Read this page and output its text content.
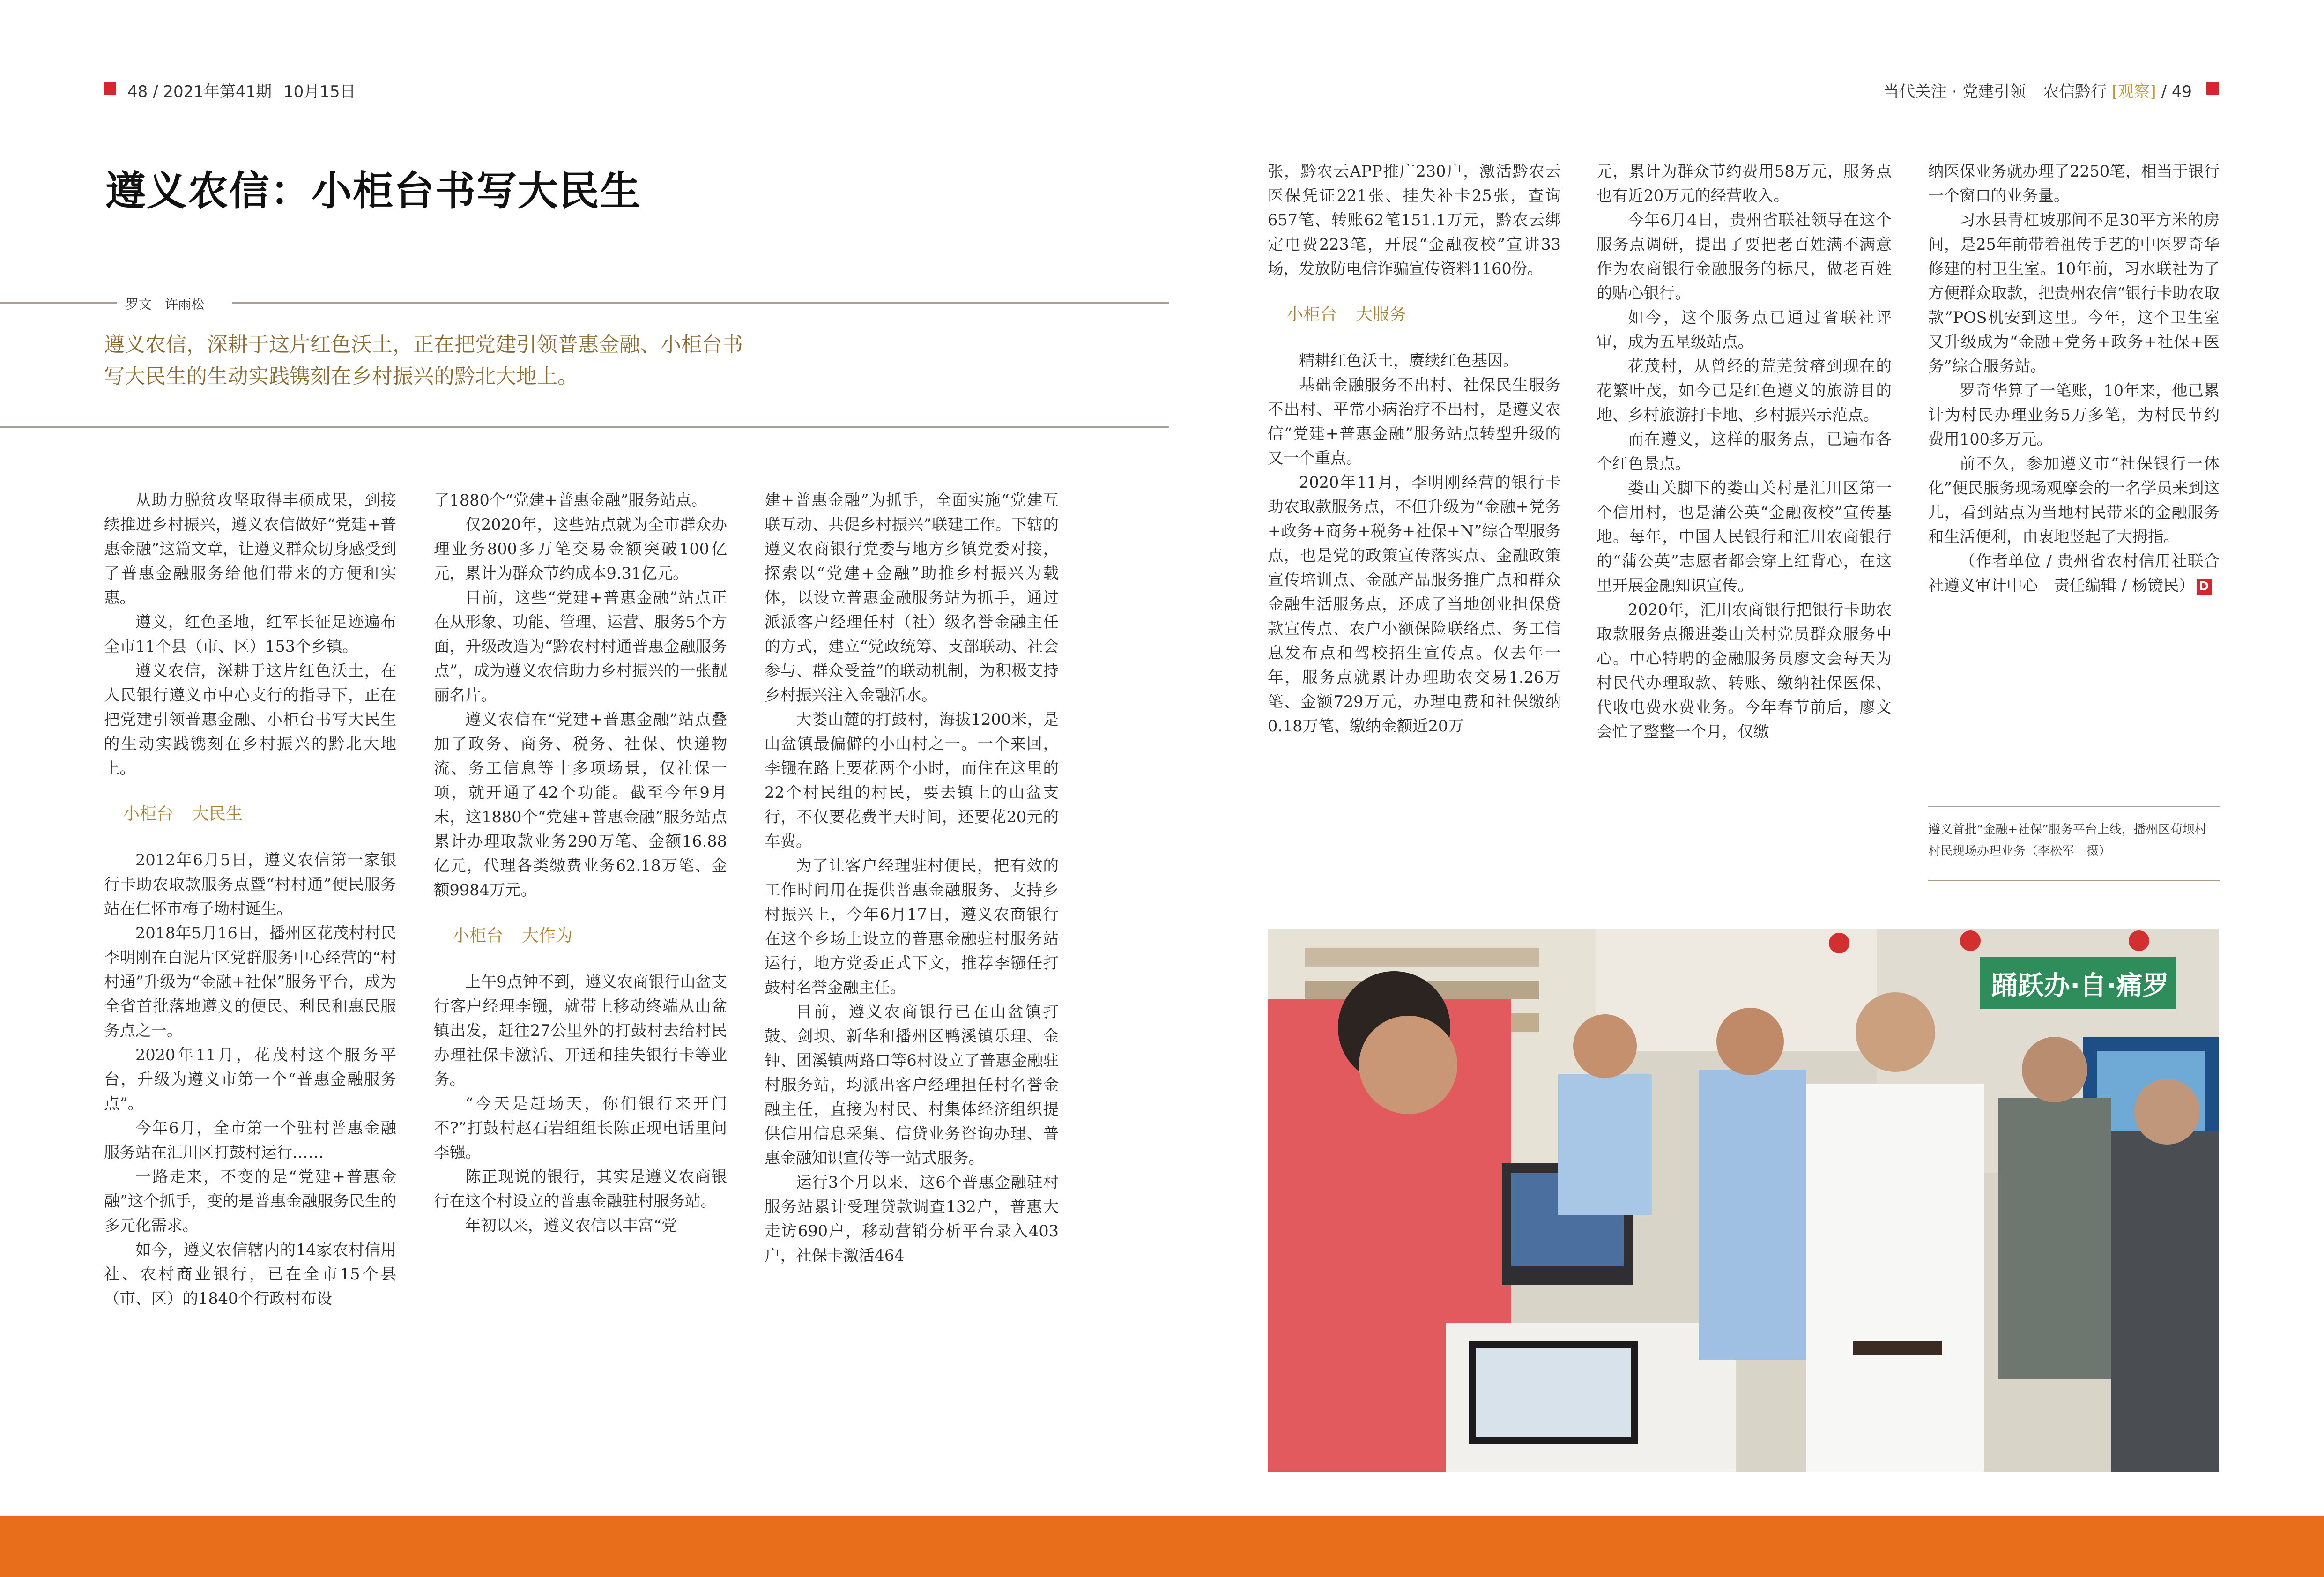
48 / 2021年第41期 10月15日	当代关注 · 党建引领 农信黔行 [观察] / 49
遵义农信：小柜台书写大民生
罗文　许雨松
遵义农信，深耕于这片红色沃土，正在把党建引领普惠金融、小柜台书写大民生的生动实践镌刻在乡村振兴的黔北大地上。

从助力脱贫攻坚取得丰硕成果，到接续推进乡村振兴，遵义农信做好“党建+普惠金融”这篇文章，让遵义群众切身感受到了普惠金融服务给他们带来的方便和实惠。

遵义，红色圣地，红军长征足迹遍布全市11个县（市、区）153个乡镇。

遵义农信，深耕于这片红色沃土，在人民银行遵义市中心支行的指导下，正在把党建引领普惠金融、小柜台书写大民生的生动实践镌刻在乡村振兴的黔北大地上。

小柜台 大民生

2012年6月5日，遵义农信第一家银行卡助农取款服务点暨“村村通”便民服务站在仁怀市梅子坳村诞生。

2018年5月16日，播州区花茂村村民李明刚在白泥片区党群服务中心经营的“村村通”升级为“金融+社保”服务平台，成为全省首批落地遵义的便民、利民和惠民服务点之一。

2020年11月，花茂村这个服务平台，升级为遵义市第一个“普惠金融服务点”。

今年6月，全市第一个驻村普惠金融服务站在汇川区打鼓村运行……

一路走来，不变的是“党建+普惠金融”这个抓手，变的是普惠金融服务民生的多元化需求。

如今，遵义农信辖内的14家农村信用社、农村商业银行，已在全市15个县（市、区）的1840个行政村布设

了1880个“党建+普惠金融”服务站点。

仅2020年，这些站点就为全市群众办理业务800多万笔交易金额突破100亿元，累计为群众节约成本9.31亿元。

目前，这些“党建+普惠金融”站点正在从形象、功能、管理、运营、服务5个方面，升级改造为“黔农村村通普惠金融服务点”，成为遵义农信助力乡村振兴的一张靓丽名片。

遵义农信在“党建+普惠金融”站点叠加了政务、商务、税务、社保、快递物流、务工信息等十多项场景，仅社保一项，就开通了42个功能。截至今年9月末，这1880个“党建+普惠金融”服务站点累计办理取款业务290万笔、金额16.88亿元，代理各类缴费业务62.18万笔、金额9984万元。

小柜台 大作为

上午9点钟不到，遵义农商银行山盆支行客户经理李镪，就带上移动终端从山盆镇出发，赶往27公里外的打鼓村去给村民办理社保卡激活、开通和挂失银行卡等业务。

“今天是赶场天，你们银行来开门不?”打鼓村赵石岩组组长陈正现电话里问李镪。

陈正现说的银行，其实是遵义农商银行在这个村设立的普惠金融驻村服务站。

年初以来，遵义农信以丰富“党

建+普惠金融”为抓手，全面实施“党建互联互动、共促乡村振兴”联建工作。下辖的遵义农商银行党委与地方乡镇党委对接，探索以“党建+金融”助推乡村振兴为载体，以设立普惠金融服务站为抓手，通过派派客户经理任村（社）级名誉金融主任的方式，建立“党政统筹、支部联动、社会参与、群众受益”的联动机制，为积极支持乡村振兴注入金融活水。

大娄山麓的打鼓村，海拔1200米，是山盆镇最偏僻的小山村之一。一个来回，李镪在路上要花两个小时，而住在这里的22个村民组的村民，要去镇上的山盆支行，不仅要花费半天时间，还要花20元的车费。

为了让客户经理驻村便民，把有效的工作时间用在提供普惠金融服务、支持乡村振兴上，今年6月17日，遵义农商银行在这个乡场上设立的普惠金融驻村服务站运行，地方党委正式下文，推荐李镪任打鼓村名誉金融主任。

目前，遵义农商银行已在山盆镇打鼓、剑坝、新华和播州区鸭溪镇乐理、金钟、团溪镇两路口等6村设立了普惠金融驻村服务站，均派出客户经理担任村名誉金融主任，直接为村民、村集体经济组织提供信用信息采集、信贷业务咨询办理、普惠金融知识宣传等一站式服务。

运行3个月以来，这6个普惠金融驻村服务站累计受理贷款调查132户，普惠大走访690户，移动营销分析平台录入403户，社保卡激活464

张，黔农云APP推广230户，激活黔农云医保凭证221张、挂失补卡25张，查询657笔、转账62笔151.1万元，黔农云绑定电费223笔，开展“金融夜校”宣讲33场，发放防电信诈骗宣传资料1160份。

小柜台 大服务

精耕红色沃土，赓续红色基因。

基础金融服务不出村、社保民生服务不出村、平常小病治疗不出村，是遵义农信“党建+普惠金融”服务站点转型升级的又一个重点。

2020年11月，李明刚经营的银行卡助农取款服务点，不但升级为“金融+党务+政务+商务+税务+社保+N”综合型服务点，也是党的政策宣传落实点、金融政策宣传培训点、金融产品服务推广点和群众金融生活服务点，还成了当地创业担保贷款宣传点、农户小额保险联络点、务工信息发布点和驾校招生宣传点。仅去年一年，服务点就累计办理助农交易1.26万笔、金额729万元，办理电费和社保缴纳0.18万笔、缴纳金额近20万

元，累计为群众节约费用58万元，服务点也有近20万元的经营收入。

今年6月4日，贵州省联社领导在这个服务点调研，提出了要把老百姓满不满意作为农商银行金融服务的标尺，做老百姓的贴心银行。

如今，这个服务点已通过省联社评审，成为五星级站点。

花茂村，从曾经的荒芜贫瘠到现在的花繁叶茂，如今已是红色遵义的旅游目的地、乡村旅游打卡地、乡村振兴示范点。

而在遵义，这样的服务点，已遍布各个红色景点。

娄山关脚下的娄山关村是汇川区第一个信用村，也是蒲公英“金融夜校”宣传基地。每年，中国人民银行和汇川农商银行的“蒲公英”志愿者都会穿上红背心，在这里开展金融知识宣传。

2020年，汇川农商银行把银行卡助农取款服务点搬进娄山关村党员群众服务中心。中心特聘的金融服务员廖文会每天为村民代办理取款、转账、缴纳社保医保、代收电费水费业务。今年春节前后，廖文会忙了整整一个月，仅缴

纳医保业务就办理了2250笔，相当于银行一个窗口的业务量。

习水县青杠坡那间不足30平方米的房间，是25年前带着祖传手艺的中医罗奇华修建的村卫生室。10年前，习水联社为了方便群众取款，把贵州农信“银行卡助农取款”POS机安到这里。今年，这个卫生室又升级成为“金融+党务+政务+社保+医务”综合服务站。

罗奇华算了一笔账，10年来，他已累计为村民办理业务5万多笔，为村民节约费用100多万元。

前不久，参加遵义市“社保银行一体化”便民服务现场观摩会的一名学员来到这儿，看到站点为当地村民带来的金融服务和生活便利，由衷地竖起了大拇指。

（作者单位 / 贵州省农村信用社联合社遵义审计中心　责任编辑 / 杨镜民） D

遵义首批“金融+社保”服务平台上线，播州区苟坝村村民现场办理业务（李松军　摄）
踊跃办·自·痛罗
